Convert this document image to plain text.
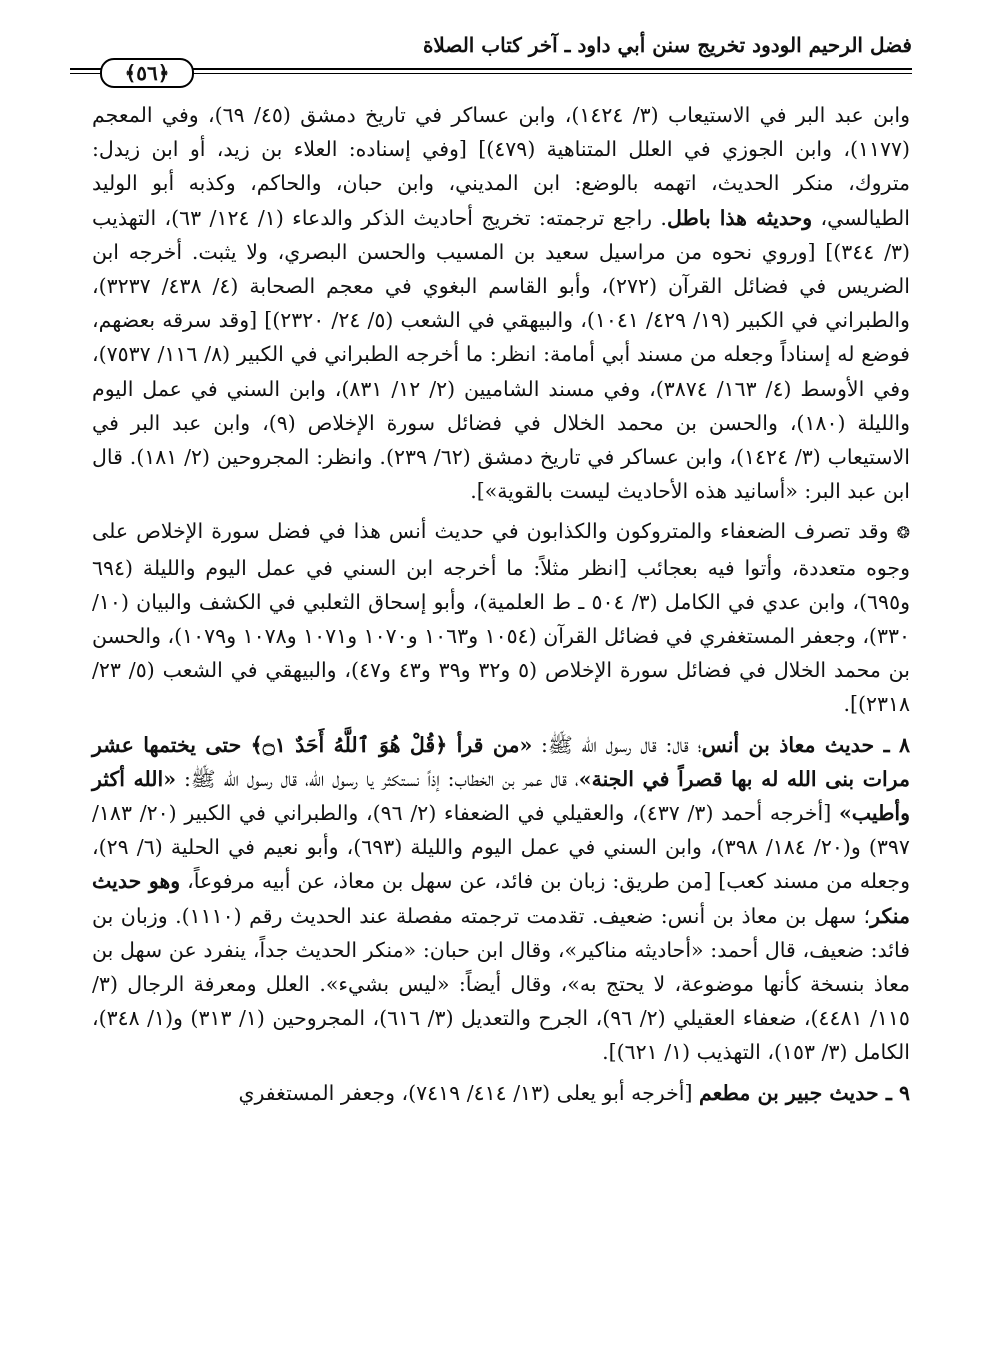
فضل الرحيم الودود تخريج سنن أبي داود ـ آخر كتاب الصلاة
﴿٥٦﴾

وابن عبد البر في الاستيعاب (٣/ ١٤٢٤)، وابن عساكر في تاريخ دمشق (٤٥/ ٦٩)، وفي المعجم (١١٧٧)، وابن الجوزي في العلل المتناهية (٤٧٩)] [وفي إسناده: العلاء بن زيد، أو ابن زيدل: متروك، منكر الحديث، اتهمه بالوضع: ابن المديني، وابن حبان، والحاكم، وكذبه أبو الوليد الطيالسي، وحديثه هذا باطل. راجع ترجمته: تخريج أحاديث الذكر والدعاء (١/ ١٢٤/ ٦٣)، التهذيب (٣/ ٣٤٤)] [وروي نحوه من مراسيل سعيد بن المسيب والحسن البصري، ولا يثبت. أخرجه ابن الضريس في فضائل القرآن (٢٧٢)، وأبو القاسم البغوي في معجم الصحابة (٤/ ٤٣٨/ ٣٢٣٧)، والطبراني في الكبير (١٩/ ٤٢٩/ ١٠٤١)، والبيهقي في الشعب (٥/ ٢٤/ ٢٣٢٠)] [وقد سرقه بعضهم، فوضع له إسناداً وجعله من مسند أبي أمامة: انظر: ما أخرجه الطبراني في الكبير (٨/ ١١٦/ ٧٥٣٧)، وفي الأوسط (٤/ ١٦٣/ ٣٨٧٤)، وفي مسند الشاميين (٢/ ١٢/ ٨٣١)، وابن السني في عمل اليوم والليلة (١٨٠)، والحسن بن محمد الخلال في فضائل سورة الإخلاص (٩)، وابن عبد البر في الاستيعاب (٣/ ١٤٢٤)، وابن عساكر في تاريخ دمشق (٦٢/ ٢٣٩). وانظر: المجروحين (٢/ ١٨١). قال ابن عبد البر: «أسانيد هذه الأحاديث ليست بالقوية»].

❂ وقد تصرف الضعفاء والمتروكون والكذابون في حديث أنس هذا في فضل سورة الإخلاص على وجوه متعددة، وأتوا فيه بعجائب [انظر مثلاً: ما أخرجه ابن السني في عمل اليوم والليلة (٦٩٤ و٦٩٥)، وابن عدي في الكامل (٣/ ٥٠٤ ـ ط العلمية)، وأبو إسحاق الثعلبي في الكشف والبيان (١٠/ ٣٣٠)، وجعفر المستغفري في فضائل القرآن (١٠٥٤ و١٠٦٣ و١٠٧٠ و١٠٧١ و١٠٧٨ و١٠٧٩)، والحسن بن محمد الخلال في فضائل سورة الإخلاص (٥ و٣٢ و٣٩ و٤٣ و٤٧)، والبيهقي في الشعب (٥/ ٢٣/ ٢٣١٨)].

٨ ـ حديث معاذ بن أنس؛ قال: قال رسول الله ﷺ: «من قرأ ﴿قُلْ هُوَ ٱللَّهُ أَحَدٌ ۝١﴾ حتى يختمها عشر مرات بنى الله له بها قصراً في الجنة»، قال عمر بن الخطاب: إذاً نستكثر يا رسول الله، قال رسول الله ﷺ: «الله أكثر وأطيب» [أخرجه أحمد (٣/ ٤٣٧)، والعقيلي في الضعفاء (٢/ ٩٦)، والطبراني في الكبير (٢٠/ ١٨٣/ ٣٩٧) و(٢٠/ ١٨٤/ ٣٩٨)، وابن السني في عمل اليوم والليلة (٦٩٣)، وأبو نعيم في الحلية (٦/ ٢٩)، وجعله من مسند كعب] [من طريق: زبان بن فائد، عن سهل بن معاذ، عن أبيه مرفوعاً، وهو حديث منكر؛ سهل بن معاذ بن أنس: ضعيف. تقدمت ترجمته مفصلة عند الحديث رقم (١١١٠). وزبان بن فائد: ضعيف، قال أحمد: «أحاديثه مناكير»، وقال ابن حبان: «منكر الحديث جداً، ينفرد عن سهل بن معاذ بنسخة كأنها موضوعة، لا يحتج به»، وقال أيضاً: «ليس بشيء». العلل ومعرفة الرجال (٣/ ١١٥/ ٤٤٨١)، ضعفاء العقيلي (٢/ ٩٦)، الجرح والتعديل (٣/ ٦١٦)، المجروحين (١/ ٣١٣) و(١/ ٣٤٨)، الكامل (٣/ ١٥٣)، التهذيب (١/ ٦٢١)].

٩ ـ حديث جبير بن مطعم [أخرجه أبو يعلى (١٣/ ٤١٤/ ٧٤١٩)، وجعفر المستغفري
